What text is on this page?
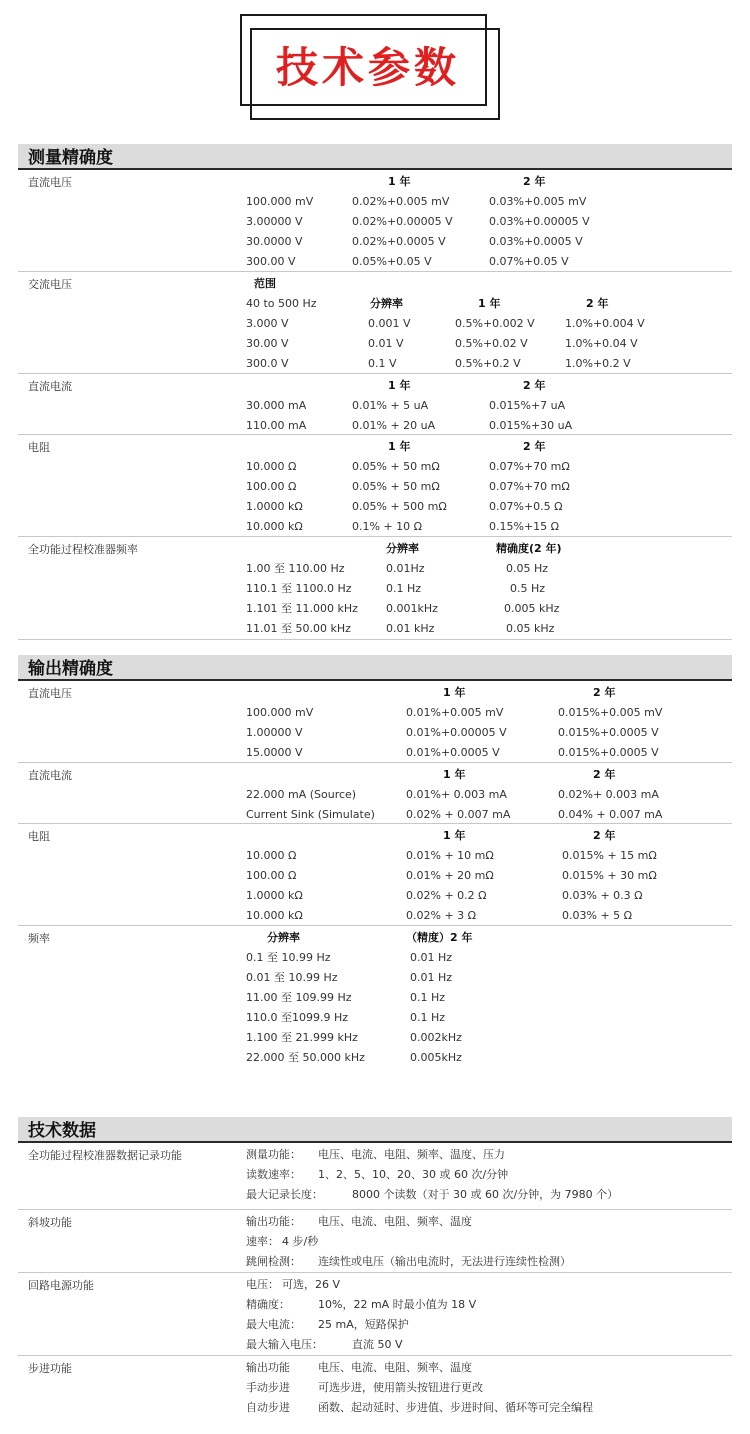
技术参数
测量精确度
直流电压	1 年	2 年
100.000 mV	0.02%+0.005 mV	0.03%+0.005 mV
3.00000 V	0.02%+0.00005 V	0.03%+0.00005 V
30.0000 V	0.02%+0.0005 V	0.03%+0.0005 V
300.00 V	0.05%+0.05 V	0.07%+0.05 V
交流电压	范围
40 to 500 Hz	分辨率	1 年	2 年
3.000 V	0.001 V	0.5%+0.002 V	1.0%+0.004 V
30.00 V	0.01 V	0.5%+0.02 V	1.0%+0.04 V
300.0 V	0.1 V	0.5%+0.2 V	1.0%+0.2 V
直流电流	1 年	2 年
30.000 mA	0.01% + 5 uA	0.015%+7 uA
110.00 mA	0.01% + 20 uA	0.015%+30 uA
电阻	1 年	2 年
10.000 Ω	0.05% + 50 mΩ	0.07%+70 mΩ
100.00 Ω	0.05% + 50 mΩ	0.07%+70 mΩ
1.0000 kΩ	0.05% + 500 mΩ	0.07%+0.5 Ω
10.000 kΩ	0.1% + 10 Ω	0.15%+15 Ω
全功能过程校准器频率	分辨率	精确度(2 年)
1.00 至 110.00 Hz	0.01Hz	0.05 Hz
110.1 至 1100.0 Hz	0.1 Hz	0.5 Hz
1.101 至 11.000 kHz	0.001kHz	0.005 kHz
11.01 至 50.00 kHz	0.01 kHz	0.05 kHz
输出精确度
直流电压	1 年	2 年
100.000 mV	0.01%+0.005 mV	0.015%+0.005 mV
1.00000 V	0.01%+0.00005 V	0.015%+0.0005 V
15.0000 V	0.01%+0.0005 V	0.015%+0.0005 V
直流电流	1 年	2 年
22.000 mA (Source)	0.01%+ 0.003 mA	0.02%+ 0.003 mA
Current Sink (Simulate)	0.02% + 0.007 mA	0.04% + 0.007 mA
电阻	1 年	2 年
10.000 Ω	0.01% + 10 mΩ	0.015% + 15 mΩ
100.00 Ω	0.01% + 20 mΩ	0.015% + 30 mΩ
1.0000 kΩ	0.02% + 0.2 Ω	0.03% + 0.3 Ω
10.000 kΩ	0.02% + 3 Ω	0.03% + 5 Ω
频率	分辨率	（精度）2 年
0.1 至 10.99 Hz	0.01 Hz
0.01 至 10.99 Hz	0.01 Hz
11.00 至 109.99 Hz	0.1 Hz
110.0 至1099.9 Hz	0.1 Hz
1.100 至 21.999 kHz	0.002kHz
22.000 至 50.000 kHz	0.005kHz
技术数据
全功能过程校准器数据记录功能	测量功能： 电压、电流、电阻、频率、温度、压力
读数速率： 1、2、5、10、20、30 或 60 次/分钟
最大记录长度：	8000 个读数（对于 30 或 60 次/分钟，为 7980 个）
斜坡功能	输出功能： 电压、电流、电阻、频率、温度
速率： 4 步/秒
跳闸检测： 连续性或电压（输出电流时，无法进行连续性检测）
回路电源功能	电压： 可选，26 V
精确度：	10%，22 mA 时最小值为 18 V
最大电流： 25 mA，短路保护
最大输入电压：	直流 50 V
步进功能	输出功能	电压、电流、电阻、频率、温度
手动步进	可选步进，使用箭头按钮进行更改
自动步进	函数、起动延时、步进值、步进时间、循环等可完全编程
